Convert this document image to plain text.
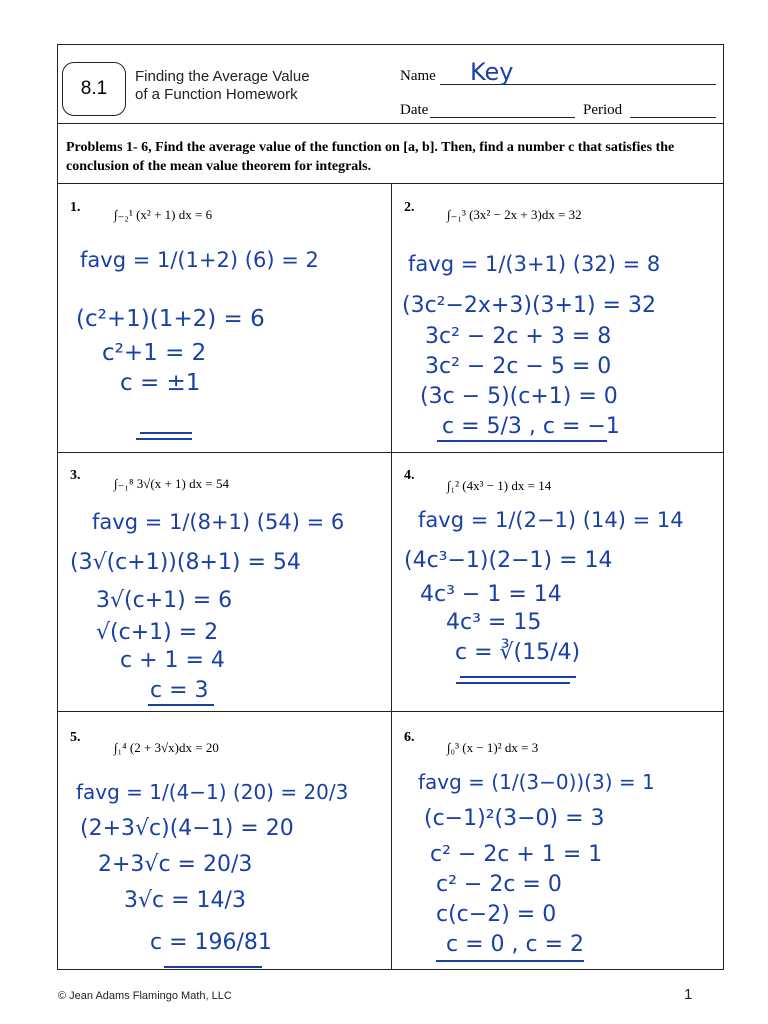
8.1
Finding the Average Value
of a Function Homework
Name Key
Date	Period
Problems 1- 6, Find the average value of the function on [a, b]. Then, find a number c that satisfies the conclusion of the mean value theorem for integrals.
1.	∫₋₂¹ (x² + 1) dx = 6
favg = 1/(1+2) (6) = 2
(c²+1)(1+2) = 6
c²+1 = 2
c = ±1
2.	∫₋₁³ (3x² − 2x + 3)dx = 32
favg = 1/(3+1) (32) = 8
(3c²−2x+3)(3+1) = 32
3c² − 2c + 3 = 8
3c² − 2c − 5 = 0
(3c − 5)(c+1) = 0
c = 5/3 , c = −1
3.
∫₋₁⁸ 3√(x + 1) dx = 54
favg = 1/(8+1) (54) = 6
(3√(c+1))(8+1) = 54
3√(c+1) = 6
√(c+1) = 2
c + 1 = 4
c = 3
4.
∫₁² (4x³ − 1) dx = 14
favg = 1/(2−1) (14) = 14
(4c³−1)(2−1) = 14
4c³ − 1 = 14
4c³ = 15
c = ∛(15/4)
5.
∫₁⁴ (2 + 3√x)dx = 20
favg = 1/(4−1) (20) = 20/3
(2+3√c)(4−1) = 20
2+3√c = 20/3
3√c = 14/3
c = 196/81
6.
∫₀³ (x − 1)² dx = 3
favg = (1/(3−0))(3) = 1
(c−1)²(3−0) = 3
c² − 2c + 1 = 1
c² − 2c = 0
c(c−2) = 0
c = 0 , c = 2
© Jean Adams Flamingo Math, LLC	1
